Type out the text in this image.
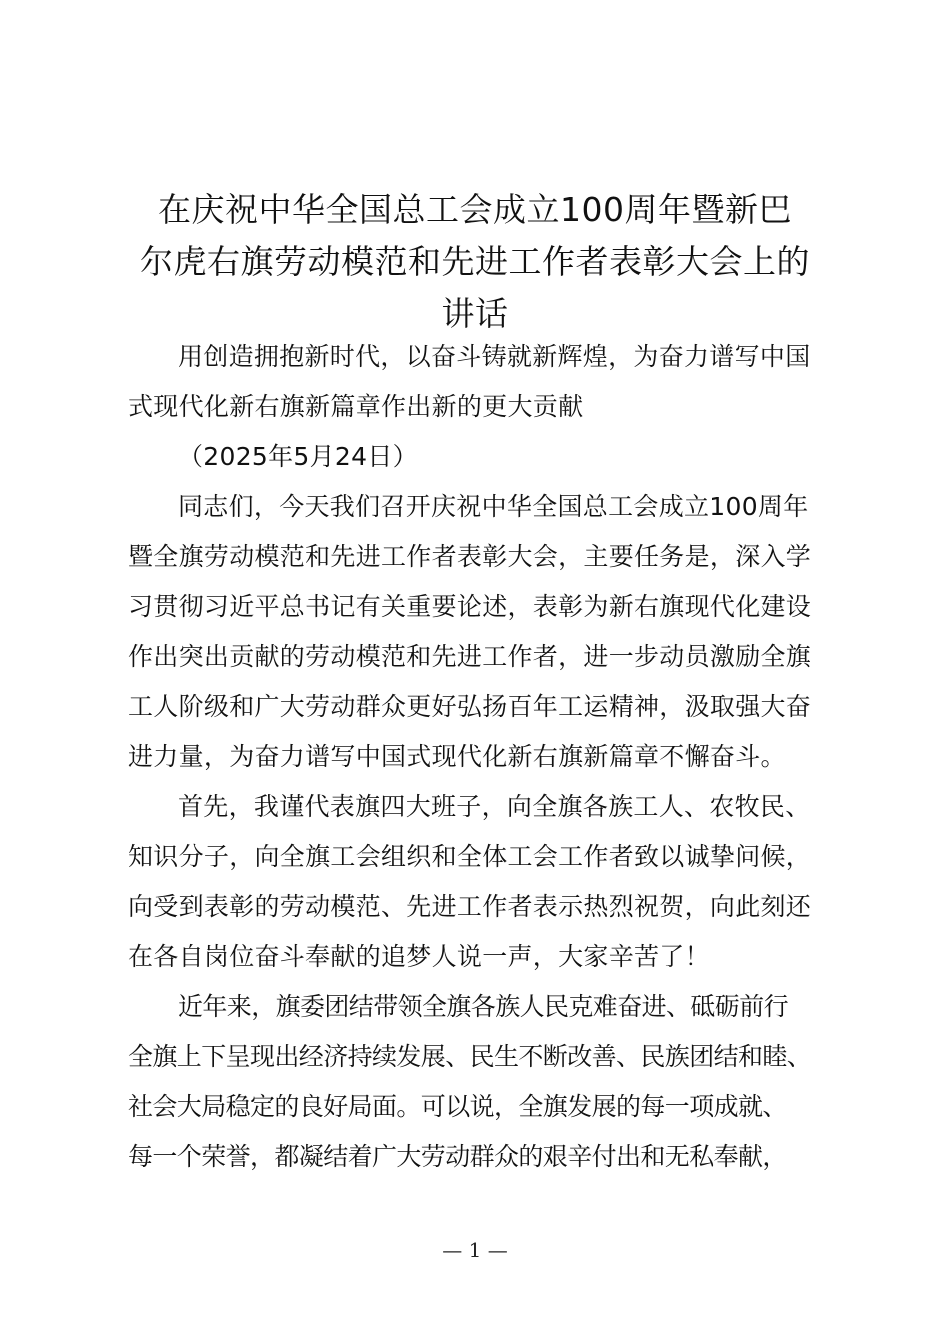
在庆祝中华全国总工会成立100周年暨新巴
尔虎右旗劳动模范和先进工作者表彰大会上的
讲话
用创造拥抱新时代，以奋斗铸就新辉煌，为奋力谱写中国
式现代化新右旗新篇章作出新的更大贡献
（2025年5月24日）
同志们，今天我们召开庆祝中华全国总工会成立100周年
暨全旗劳动模范和先进工作者表彰大会，主要任务是，深入学
习贯彻习近平总书记有关重要论述，表彰为新右旗现代化建设
作出突出贡献的劳动模范和先进工作者，进一步动员激励全旗
工人阶级和广大劳动群众更好弘扬百年工运精神，汲取强大奋
进力量，为奋力谱写中国式现代化新右旗新篇章不懈奋斗。
首先，我谨代表旗四大班子，向全旗各族工人、农牧民、
知识分子，向全旗工会组织和全体工会工作者致以诚挚问候，
向受到表彰的劳动模范、先进工作者表示热烈祝贺，向此刻还
在各自岗位奋斗奉献的追梦人说一声，大家辛苦了！
近年来，旗委团结带领全旗各族人民克难奋进、砥砺前行
全旗上下呈现出经济持续发展、民生不断改善、民族团结和睦、
社会大局稳定的良好局面。可以说，全旗发展的每一项成就、
每一个荣誉，都凝结着广大劳动群众的艰辛付出和无私奉献，
— 1 —
